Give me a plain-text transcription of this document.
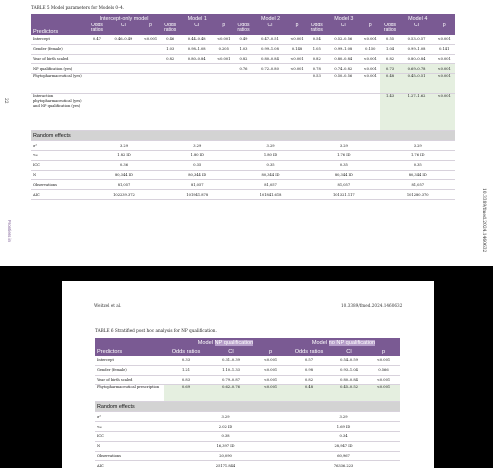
TABLE 5 Model parameters for Models 0–4.
22
Frontiers in	10.3389/fmed.2024.1460632
Predictors	Intercept-only model			Model 1			Model 2			Model 3			Model 4		
	Odds ratios	CI	p	Odds ratios	CI	p	Odds ratios	CI	p	Odds ratios	CI	p	Odds ratios	CI	p
Intercept	0.47	0.46–0.49	<0.001	0.46	0.44–0.48	<0.001	0.49	0.47–0.51	<0.001	0.54	0.52–0.56	<0.001	0.55	0.53–0.57	<0.001
Gender (female)				1.03	0.98–1.08	0.205	1.03	0.99–1.08	0.148	1.05	0.99–1.08	0.150	1.04	0.99–1.08	0.141
Year of birth scaled				0.82	0.80–0.84	<0.001	0.82	0.80–0.84	<0.001	0.82	0.80–0.84	<0.001	0.82	0.80–0.84	<0.001
NP qualification (yes)							0.76	0.72–0.80	<0.001	0.78	0.74–0.82	<0.001	0.73	0.69–0.78	<0.001
Phytopharmaceutical (yes)										0.53	0.50–0.56	<0.001	0.48	0.45–0.51	<0.001
Interaction phytopharmaceutical (yes) and NP qualification (yes)													1.43	1.27–1.62	<0.001
Random effects															
σ²	3.29			3.29			3.29			3.29			3.29		
τ₀₀	1.82 ID			1.80 ID			1.80 ID			1.76 ID			1.76 ID		
ICC	0.36			0.35			0.35			0.35			0.35		
N	80,344 ID			80,344 ID			80,344 ID			80,344 ID			80,344 ID		
Observations	81,057			81,057			81,057			81,057			81,057		
AIC	102239.372			101941.878			101841.618			101321.117			101280.370		
Weitzel et al.	10.3389/fmed.2024.1460632
TABLE 6 Stratified post hoc analysis for NP qualification.
	Model NP qualification			Model no NP qualification		
Predictors	Odds ratios	CI	p	Odds ratios	CI	p
Intercept	0.33	0.31–0.39	<0.001	0.57	0.54–0.59	<0.001
Gender (female)	1.21	1.10–1.33	<0.001	0.98	0.93–1.04	0.566
Year of birth scaled	0.83	0.79–0.87	<0.001	0.82	0.80–0.84	<0.001
Phytopharmaceutical prescription	0.69	0.62–0.76	<0.001	0.48	0.45–0.52	<0.001
Random effects						
σ²	3.29			3.29		
τ₀₀	2.02 ID			1.69 ID		
ICC	0.38			0.34		
N	16,397 ID			28,947 ID		
Observations	20,090			60,967		
AIC	25171.844			76336.223		
